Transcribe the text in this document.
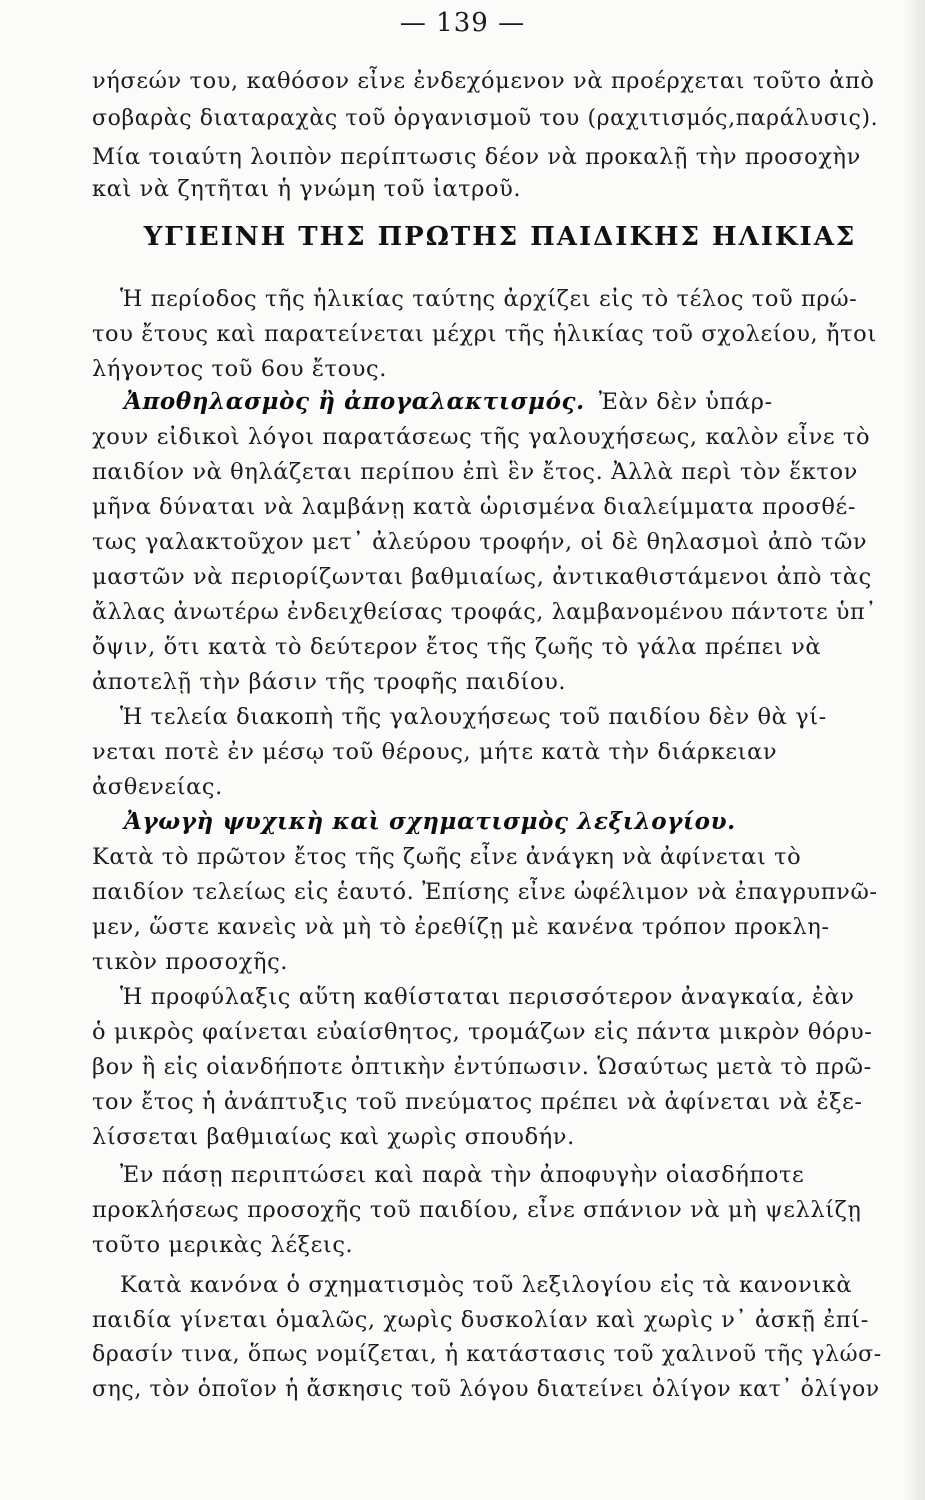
— 139 —
νήσεών του, καθόσον εἶνε ἐνδεχόμενον νὰ προέρχεται τοῦτο ἀπὸ
σοβαρὰς διαταραχὰς τοῦ ὀργανισμοῦ του (ραχιτισμός,παράλυσις).
Μία τοιαύτη λοιπὸν περίπτωσις δέον νὰ προκαλῇ τὴν προσοχὴν
καὶ νὰ ζητῆται ἡ γνώμη τοῦ ἰατροῦ.
ΥΓΙΕΙΝΗ ΤΗΣ ΠΡΩΤΗΣ ΠΑΙΔΙΚΗΣ ΗΛΙΚΙΑΣ
Ἡ περίοδος τῆς ἡλικίας ταύτης ἀρχίζει εἰς τὸ τέλος τοῦ πρώ-
του ἔτους καὶ παρατείνεται μέχρι τῆς ἡλικίας τοῦ σχολείου, ἤτοι
λήγοντος τοῦ 6ου ἔτους.
Ἀποθηλασμὸς ἢ ἀπογαλακτισμός. Ἐὰν δὲν ὑπάρ-
χουν εἰδικοὶ λόγοι παρατάσεως τῆς γαλουχήσεως, καλὸν εἶνε τὸ
παιδίον νὰ θηλάζεται περίπου ἐπὶ ἓν ἔτος. Ἀλλὰ περὶ τὸν ἕκτον
μῆνα δύναται νὰ λαμβάνῃ κατὰ ὡρισμένα διαλείμματα προσθέ-
τως γαλακτοῦχον μετ᾽ ἀλεύρου τροφήν, οἱ δὲ θηλασμοὶ ἀπὸ τῶν
μαστῶν νὰ περιορίζωνται βαθμιαίως, ἀντικαθιστάμενοι ἀπὸ τὰς
ἄλλας ἀνωτέρω ἐνδειχθείσας τροφάς, λαμβανομένου πάντοτε ὑπ᾽
ὄψιν, ὅτι κατὰ τὸ δεύτερον ἔτος τῆς ζωῆς τὸ γάλα πρέπει νὰ
ἀποτελῇ τὴν βάσιν τῆς τροφῆς παιδίου.
Ἡ τελεία διακοπὴ τῆς γαλουχήσεως τοῦ παιδίου δὲν θὰ γί-
νεται ποτὲ ἐν μέσῳ τοῦ θέρους, μήτε κατὰ τὴν διάρκειαν
ἀσθενείας.
Ἀγωγὴ ψυχικὴ καὶ σχηματισμὸς λεξιλογίου.
Κατὰ τὸ πρῶτον ἔτος τῆς ζωῆς εἶνε ἀνάγκη νὰ ἀφίνεται τὸ
παιδίον τελείως εἰς ἑαυτό. Ἐπίσης εἶνε ὠφέλιμον νὰ ἐπαγρυπνῶ-
μεν, ὥστε κανεὶς νὰ μὴ τὸ ἐρεθίζῃ μὲ κανένα τρόπον προκλη-
τικὸν προσοχῆς.
Ἡ προφύλαξις αὕτη καθίσταται περισσότερον ἀναγκαία, ἐὰν
ὁ μικρὸς φαίνεται εὐαίσθητος, τρομάζων εἰς πάντα μικρὸν θόρυ-
βον ἢ εἰς οἱανδήποτε ὀπτικὴν ἐντύπωσιν. Ὡσαύτως μετὰ τὸ πρῶ-
τον ἔτος ἡ ἀνάπτυξις τοῦ πνεύματος πρέπει νὰ ἀφίνεται νὰ ἐξε-
λίσσεται βαθμιαίως καὶ χωρὶς σπουδήν.
Ἐν πάσῃ περιπτώσει καὶ παρὰ τὴν ἀποφυγὴν οἱασδήποτε
προκλήσεως προσοχῆς τοῦ παιδίου, εἶνε σπάνιον νὰ μὴ ψελλίζῃ
τοῦτο μερικὰς λέξεις.
Κατὰ κανόνα ὁ σχηματισμὸς τοῦ λεξιλογίου εἰς τὰ κανονικὰ
παιδία γίνεται ὁμαλῶς, χωρὶς δυσκολίαν καὶ χωρὶς ν᾽ ἀσκῇ ἐπί-
δρασίν τινα, ὅπως νομίζεται, ἡ κατάστασις τοῦ χαλινοῦ τῆς γλώσ-
σης, τὸν ὁποῖον ἡ ἄσκησις τοῦ λόγου διατείνει ὀλίγον κατ᾽ ὀλίγον
